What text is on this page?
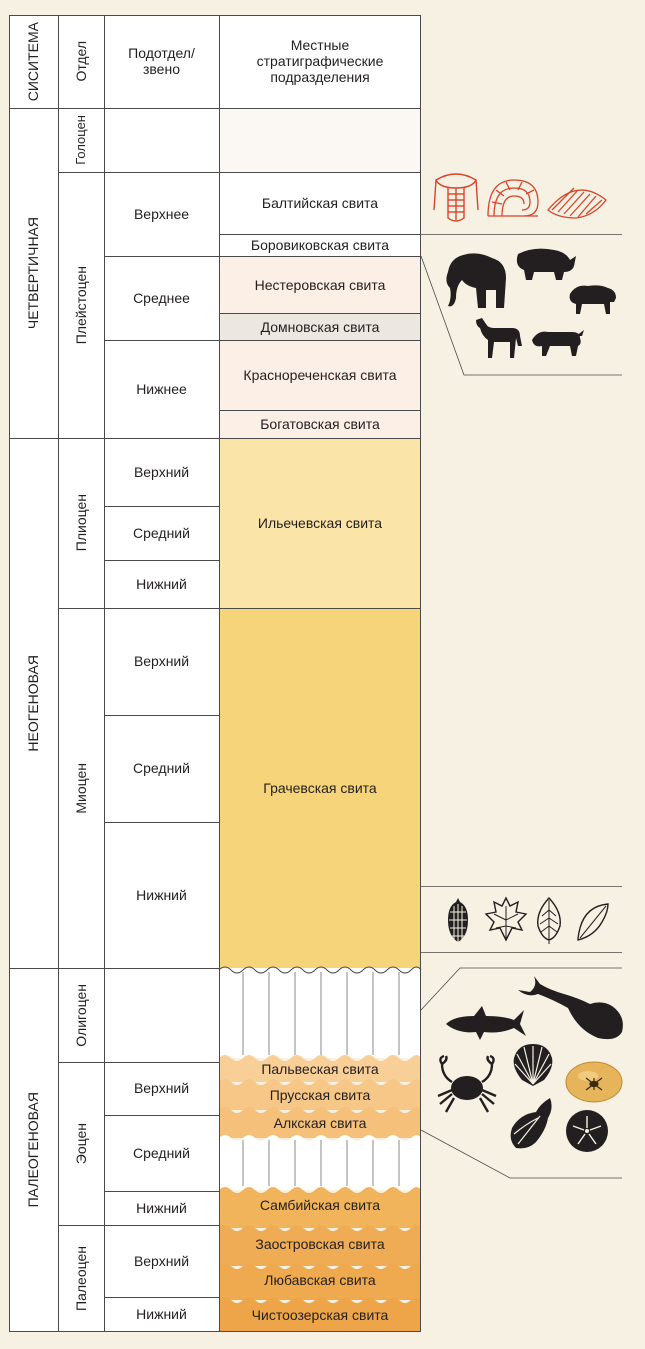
СИСИТЕМА Отдел	Подотдел/
звено
Местные
стратиграфические
подразделения
ЧЕТВЕРТИЧНАЯ
НЕОГЕНОВАЯ
ПАЛЕОГЕНОВАЯ
Голоцен
Плейстоцен
Плиоцен
Миоцен
Олигоцен
Эоцен
Палеоцен
Верхнее
Среднее
Нижнее
Верхний
Средний
Нижний
Верхний
Средний
Нижний
Верхний
Средний
Нижний
Верхний
Нижний
Балтийская свита
Боровиковская свита
Нестеровская свита
Домновская свита
Краснореченская свита
Богатовская свита
Ильечевская свита
Грачевская свита
Пальвеская свита
Прусская свита
Алкская свита
Самбийская свита
Заостровская свита
Любавская свита
Чистоозерская свита
